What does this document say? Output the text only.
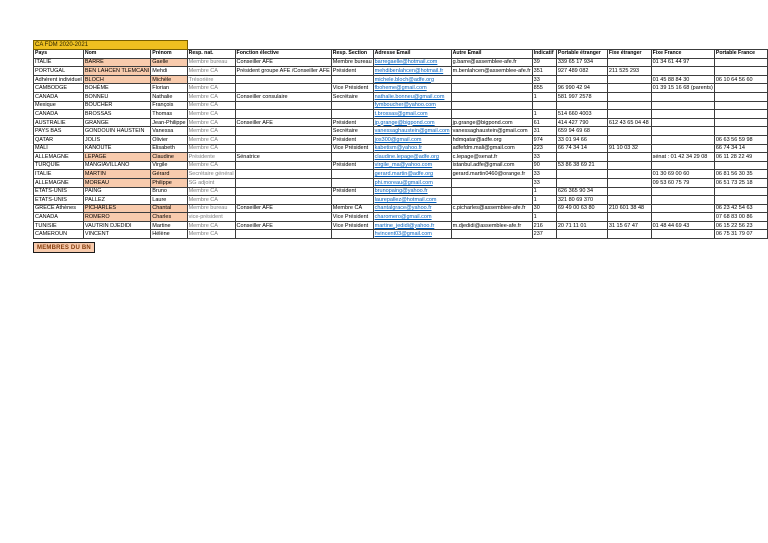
CA FDM 2020-2021												
Pays	Nom	Prénom	Resp. nat.	Fonction élective	Resp. Section	Adresse Email	Autre Email	Indicatif	Portable étranger	Fixe étranger	Fixe France	Portable France
ITALIE	BARRE	Gaelle	Membre bureau	Conseiller AFE	Membre bureau	barregaelle@hotmail.com	g.barre@assemblee-afe.fr	39	339 65 17 934		01 34 61 44 97	
PORTUGAL	BEN LAHCEN TLEMCANI	Mehdi	Membre CA	Président groupe AFE /Conseiller AFE	Président	mehdibenlahcen@hotmail.fr	m.benlahcen@assemblee-afe.fr	351	927 489 082	211 525 293		
Adhérent individuel	BLOCH	Michèle	Trésorière			michele.bloch@adfe.org		33			01 45 88 84 30	06 10 64 56 60
CAMBODGE	BOHÈME	Florian	Membre CA		Vice Président	fboheme@gmail.com		855	96 990 42 94		01 39 15 16 68 (parents)	
CANADA	BONNEU	Nathalie	Membre CA	Conseiller consulaire	Secrétaire	nathalie.bonneu@gmail.com		1	581 997 2578			
Mexique	BOUCHER	François	Membre CA			fymboucher@yahoo.com						
CANADA	BROSSAS	Thomas	Membre CA			t.brossas@gmail.com		1	514 660 4003			
AUSTRALIE	GRANGE	Jean-Philippe	Membre CA	Conseiller AFE	Président	jp.grange@bigpond.com	jp.grange@bigpond.com	61	414 427 790	612 43 65 04 48		
PAYS BAS	GONDOUIN HAUSTEIN	Vanessa	Membre CA		Secrétaire	vanessaghaustein@gmail.com	vanessaghaustein@gmail.com	31	659 94 69 68			
QATAR	JOLIS	Olivier	Membre CA		Président	jos300@gmail.com	hdmqatar@adfe.org	974	33 01 94 66			06 63 56 59 98
MALI	KANOUTE	Elisabeth	Membre CA		Vice Président	kabetism@yahoo.fr	adfefdm.mali@gmail.com	223	66 74 34 14	91 10 03 32		66 74 34 14
ALLEMAGNE	LEPAGE	Claudine	Présidente	Sénatrice		claudine.lepage@adfe.org	c.lepage@senat.fr	33			sénat : 01 42 34 29 08	06 11 28 22 49
TURQUIE	MANGIAVILLANO	Virgile	Membre CA		Président	virgile_ma@yahoo.com	istanbul.adfe@gmail.com	90	53 86 38 69 21			
ITALIE	MARTIN	Gérard	Secrétaire général			gerard.martin@adfe.org	gerard.martin0460@orange.fr	33			01 30 69 00 60	06 81 56 30 35
ALLEMAGNE	MOREAU	Philippe	SG adjoint			phi.moreau@gmail.com		33			09 53 60 75 79	06 51 73 25 18
ETATS-UNIS	PAING	Bruno	Membre CA		Président	brunopaing@yahoo.fr		1	626 365 90 34			
ETATS-UNIS	PALLEZ	Laure	Membre CA			laurepallez@hotmail.com		1	321 80 69 370			
GRECE Athènes	PICHARLES	Chantal	Membre bureau	Conseiller AFE	Membre CA	chantalgrace@yahoo.fr	c.picharles@assemblee-afe.fr	30	69 49 00 63 80	210 601 38 48		06 23 42 54 63
CANADA	ROMERO	Charles	vice-président		Vice Président	charomero@gmail.com		1				07 68 83 00 86
TUNISIE	VAUTRIN DJEDIDI	Martine	Membre CA	Conseiller AFE	Vice Président	martine_jedidi@yahoo.fr	m.djedidi@assemblee-afe.fr	216	20 71 11 01	31 15 67 47	01 48 44 69 43	06 15 22 56 23
CAMEROUN	VINCENT	Hélène	Membre CA			hvincent03@gmail.com		237				06 75 31 79 07
MEMBRES DU BN
